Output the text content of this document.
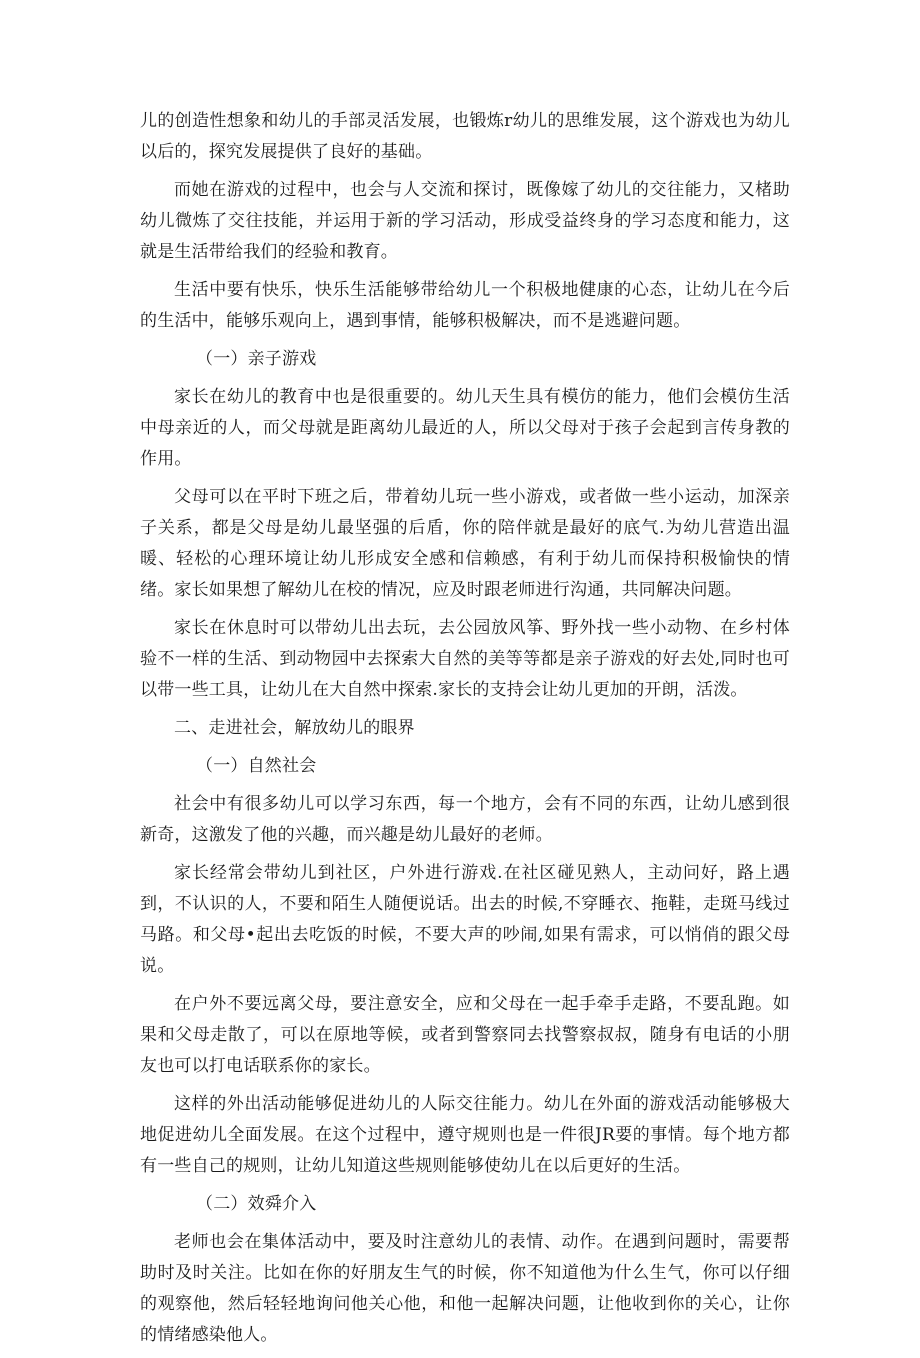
儿的创造性想象和幼儿的手部灵活发展，也锻炼r幼儿的思维发展，这个游戏也为幼儿以后的，探究发展提供了良好的基础。

而她在游戏的过程中，也会与人交流和探讨，既像嫁了幼儿的交往能力，又楮助幼儿微炼了交往技能，并运用于新的学习活动，形成受益终身的学习态度和能力，这就是生活带给我们的经验和教育。

生活中要有快乐，快乐生活能够带给幼儿一个积极地健康的心态，让幼儿在今后的生活中，能够乐观向上，遇到事情，能够积极解决，而不是逃避问题。

（一）亲子游戏

家长在幼儿的教育中也是很重要的。幼儿天生具有模仿的能力，他们会模仿生活中母亲近的人，而父母就是距离幼儿最近的人，所以父母对于孩子会起到言传身教的作用。

父母可以在平时下班之后，带着幼儿玩一些小游戏，或者做一些小运动，加深亲子关系，都是父母是幼儿最坚强的后盾，你的陪伴就是最好的底气.为幼儿营造出温暖、轻松的心理环境让幼儿形成安全感和信赖感，有利于幼儿而保持积极愉快的情绪。家长如果想了解幼儿在校的情况，应及时跟老师进行沟通，共同解决问题。

家长在休息时可以带幼儿出去玩，去公园放风筝、野外找一些小动物、在乡村体验不一样的生活、到动物园中去探索大自然的美等等都是亲子游戏的好去处,同时也可以带一些工具，让幼儿在大自然中探索.家长的支持会让幼儿更加的开朗，活泼。

二、走进社会，解放幼儿的眼界

（一）自然社会

社会中有很多幼儿可以学习东西，每一个地方，会有不同的东西，让幼儿感到很新奇，这激发了他的兴趣，而兴趣是幼儿最好的老师。

家长经常会带幼儿到社区，户外进行游戏.在社区碰见熟人，主动问好，路上遇到，不认识的人，不要和陌生人随便说话。出去的时候,不穿睡衣、拖鞋，走斑马线过马路。和父母•起出去吃饭的时候，不要大声的吵闹,如果有需求，可以悄俏的跟父母说。

在户外不要远离父母，要注意安全，应和父母在一起手牵手走路，不要乱跑。如果和父母走散了，可以在原地等候，或者到警察同去找警察叔叔，随身有电话的小朋友也可以打电话联系你的家长。

这样的外出活动能够促进幼儿的人际交往能力。幼儿在外面的游戏活动能够极大地促进幼儿全面发展。在这个过程中，遵守规则也是一件很JR要的事情。每个地方都有一些自己的规则，让幼儿知道这些规则能够使幼儿在以后更好的生活。

（二）效舜介入

老师也会在集体活动中，要及时注意幼儿的表情、动作。在遇到问题时，需要帮助时及时关注。比如在你的好朋友生气的时候，你不知道他为什么生气，你可以仔细的观察他，然后轻轻地询问他关心他，和他一起解决问题，让他收到你的关心，让你的情绪感染他人。
